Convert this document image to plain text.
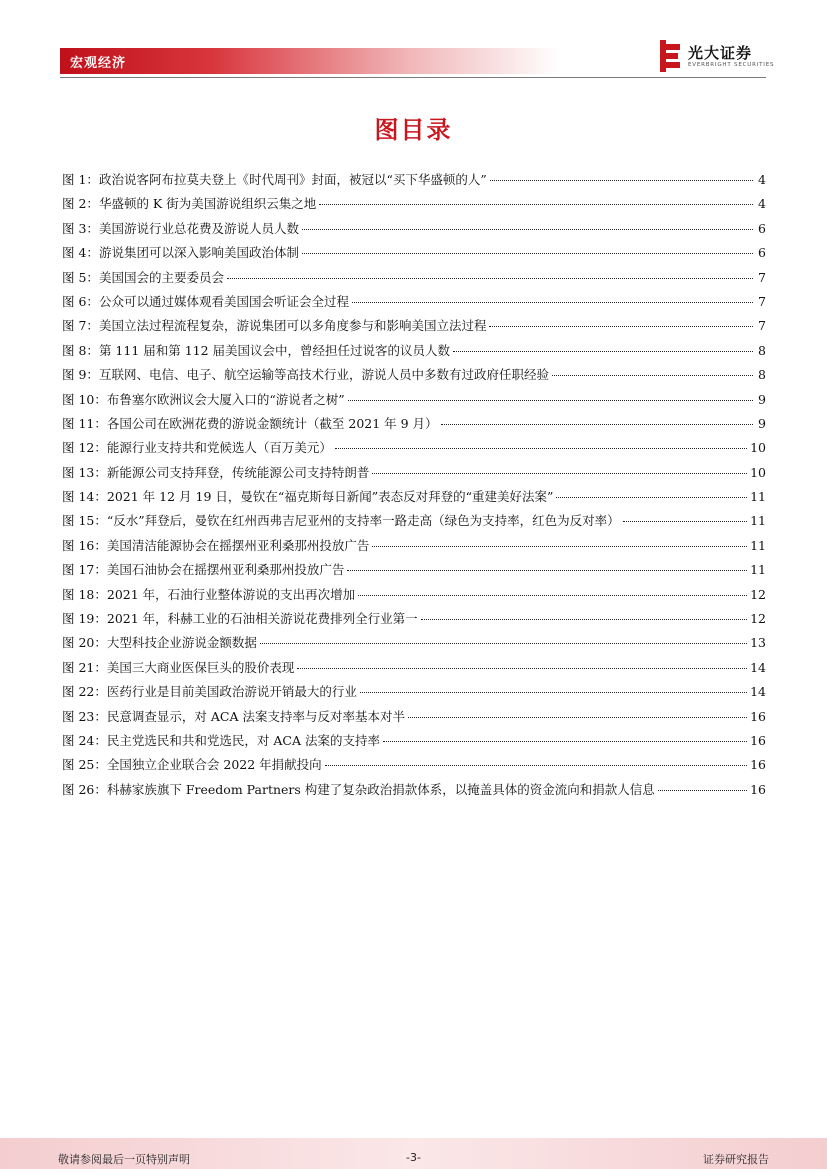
宏观经济
光大证券
EVERBRIGHT SECURITIES
图目录
图 1：政治说客阿布拉莫夫登上《时代周刊》封面，被冠以“买下华盛顿的人”	4
图 2：华盛顿的 K 街为美国游说组织云集之地	4
图 3：美国游说行业总花费及游说人员人数	6
图 4：游说集团可以深入影响美国政治体制	6
图 5：美国国会的主要委员会	7
图 6：公众可以通过媒体观看美国国会听证会全过程	7
图 7：美国立法过程流程复杂，游说集团可以多角度参与和影响美国立法过程	7
图 8：第 111 届和第 112 届美国议会中，曾经担任过说客的议员人数	8
图 9：互联网、电信、电子、航空运输等高技术行业，游说人员中多数有过政府任职经验	8
图 10：布鲁塞尔欧洲议会大厦入口的“游说者之树”	9
图 11：各国公司在欧洲花费的游说金额统计（截至 2021 年 9 月）	9
图 12：能源行业支持共和党候选人（百万美元）	10
图 13：新能源公司支持拜登，传统能源公司支持特朗普	10
图 14：2021 年 12 月 19 日，曼钦在“福克斯每日新闻”表态反对拜登的“重建美好法案”	11
图 15：“反水”拜登后，曼钦在红州西弗吉尼亚州的支持率一路走高（绿色为支持率，红色为反对率）	11
图 16：美国清洁能源协会在摇摆州亚利桑那州投放广告	11
图 17：美国石油协会在摇摆州亚利桑那州投放广告	11
图 18：2021 年，石油行业整体游说的支出再次增加	12
图 19：2021 年，科赫工业的石油相关游说花费排列全行业第一	12
图 20：大型科技企业游说金额数据	13
图 21：美国三大商业医保巨头的股价表现	14
图 22：医药行业是目前美国政治游说开销最大的行业	14
图 23：民意调查显示，对 ACA 法案支持率与反对率基本对半	16
图 24：民主党选民和共和党选民，对 ACA 法案的支持率	16
图 25：全国独立企业联合会 2022 年捐献投向	16
图 26：科赫家族旗下 Freedom Partners 构建了复杂政治捐款体系，以掩盖具体的资金流向和捐款人信息	16
敬请参阅最后一页特别声明	-3-	证券研究报告
